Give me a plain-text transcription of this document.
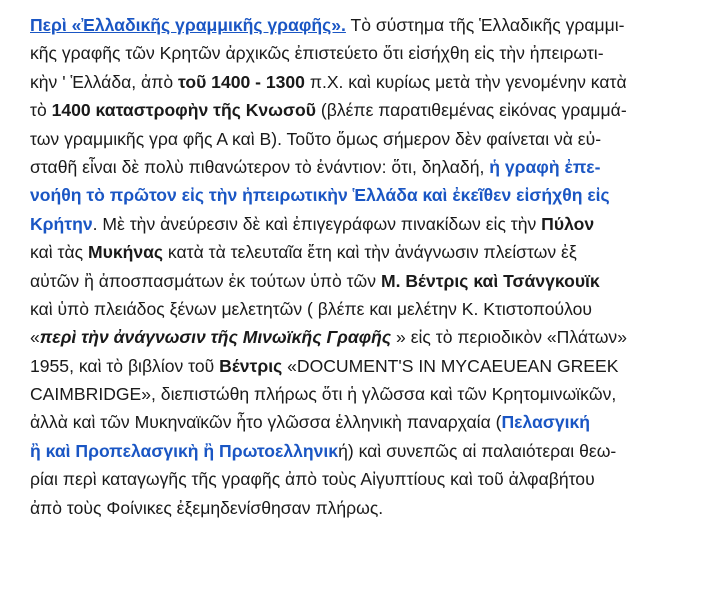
Περὶ «Ἐλλαδικῆς γραμμικῆς γραφῆς». Τὸ σύστημα τῆς Ἑλλαδικῆς γραμμι-
κῆς γραφῆς τῶν Κρητῶν ἀρχικῶς ἐπιστεύετο ὅτι εἰσήχθη εἰς τὴν ἠπειρωτι-
κὴν ' Ἑλλάδα, ἀπὸ τοῦ 1400 - 1300 π.Χ. καὶ κυρίως μετὰ τὴν γενομένην κατὰ
τὸ 1400 καταστροφὴν τῆς Κνωσοῦ (βλέπε παρατιθεμένας εἰκόνας γραμμά-
των γραμμικῆς γρα φῆς Α καὶ Β). Τοῦτο ὅμως σήμερον δὲν φαίνεται νὰ εὐ-
σταθῆ εἶναι δὲ πολὺ πιθανώτερον τὸ ἐνάντιον: ὅτι, δηλαδή, ἡ γραφὴ ἐπε-
νοήθη τὸ πρῶτον εἰς τὴν ἠπειρωτικὴν Ἑλλάδα καὶ ἐκεῖθεν εἰσήχθη εἰς
Κρήτην. Μὲ τὴν ἀνεύρεσιν δὲ καὶ ἐπιγεγράφων πινακίδων εἰς τὴν Πύλον
καὶ τὰς Μυκήνας κατὰ τὰ τελευταῖα ἔτη καὶ τὴν ἀνάγνωσιν πλείστων ἐξ
αὐτῶν ἢ ἀποσπασμάτων ἐκ τούτων ὑπὸ τῶν Μ. Βέντρις καὶ Τσάνγκουϊκ
καὶ ὑπὸ πλειάδος ξένων μελετητῶν ( βλέπε και μελέτην Κ. Κτιστοπούλου
«περὶ τὴν ἀνάγνωσιν τῆς Μινωϊκῆς Γραφῆς » εἰς τὸ περιοδικὸν «Πλάτων»
1955, καὶ τὸ βιβλίον τοῦ Βέντρις «DOCUMENT'S IN MYCAEUEAN GREEK
CAIMBRIDGE», διεπιστώθη πλήρως ὅτι ἡ γλῶσσα καὶ τῶν Κρητομινωϊκῶν,
ἀλλὰ καὶ τῶν Μυκηναϊκῶν ἦτο γλῶσσα ἑλληνικὴ παναρχαία (Πελασγική
ἢ καὶ Προπελασγικὴ ἢ Πρωτοελληνική) καὶ συνεπῶς αἱ παλαιότεραι θεω-
ρίαι περὶ καταγωγῆς τῆς γραφῆς ἀπὸ τοὺς Αἰγυπτίους καὶ τοῦ ἀλφαβήτου
ἀπὸ τοὺς Φοίνικες ἐξεμηδενίσθησαν πλήρως.
